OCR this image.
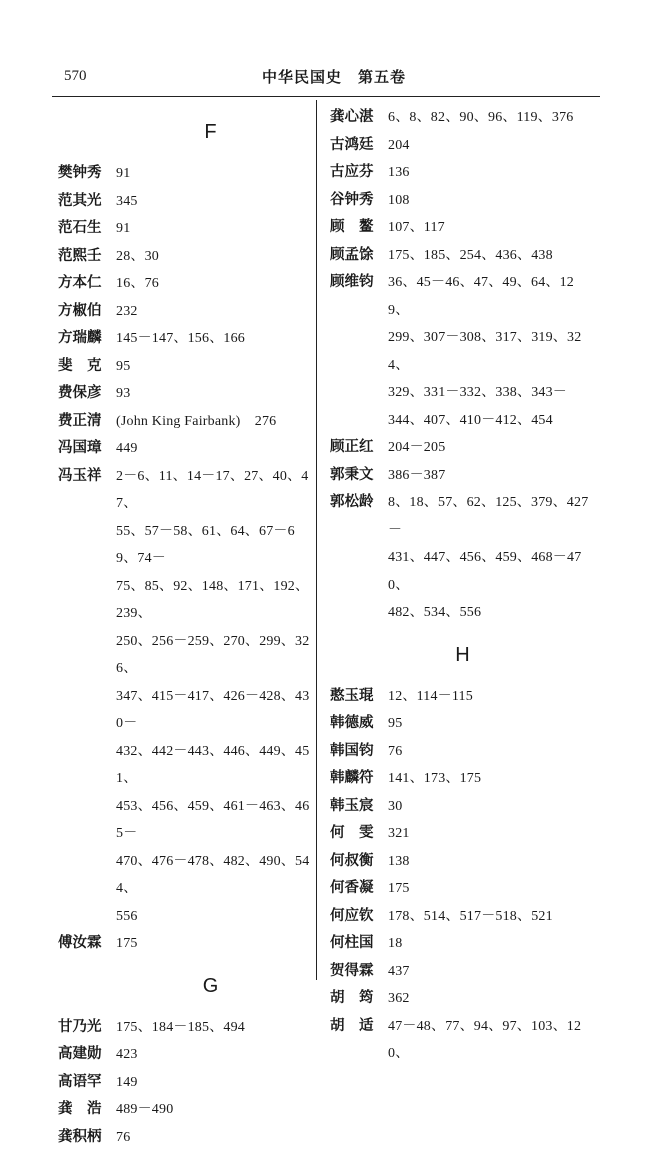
570	中华民国史　第五卷
F
樊钟秀	91
范其光	345
范石生	91
范熙壬	28、30
方本仁	16、76
方椒伯	232
方瑞麟	145－147、156、166
斐　克	95
费保彦	93
费正清	(John King Fairbank)　276
冯国璋	449
冯玉祥	2－6、11、14－17、27、40、47、
55、57－58、61、64、67－69、74－
75、85、92、148、171、192、239、
250、256－259、270、299、326、
347、415－417、426－428、430－
432、442－443、446、449、451、
453、456、459、461－463、465－
470、476－478、482、490、544、
556
傅汝霖	175
G
甘乃光	175、184－185、494
高建勋	423
高语罕	149
龚　浩	489－490
龚积柄	76
龚心湛	6、8、82、90、96、119、376
古鸿廷	204
古应芬	136
谷钟秀	108
顾　鳌	107、117
顾孟馀	175、185、254、436、438
顾维钧	36、45－46、47、49、64、129、
299、307－308、317、319、324、
329、331－332、338、343－
344、407、410－412、454
顾正红	204－205
郭秉文	386－387
郭松龄	8、18、57、62、125、379、427－
431、447、456、459、468－470、
482、534、556
H
憨玉琨	12、114－115
韩德威	95
韩国钧	76
韩麟符	141、173、175
韩玉宸	30
何　雯	321
何叔衡	138
何香凝	175
何应钦	178、514、517－518、521
何柱国	18
贺得霖	437
胡　筠	362
胡　适	47－48、77、94、97、103、120、
